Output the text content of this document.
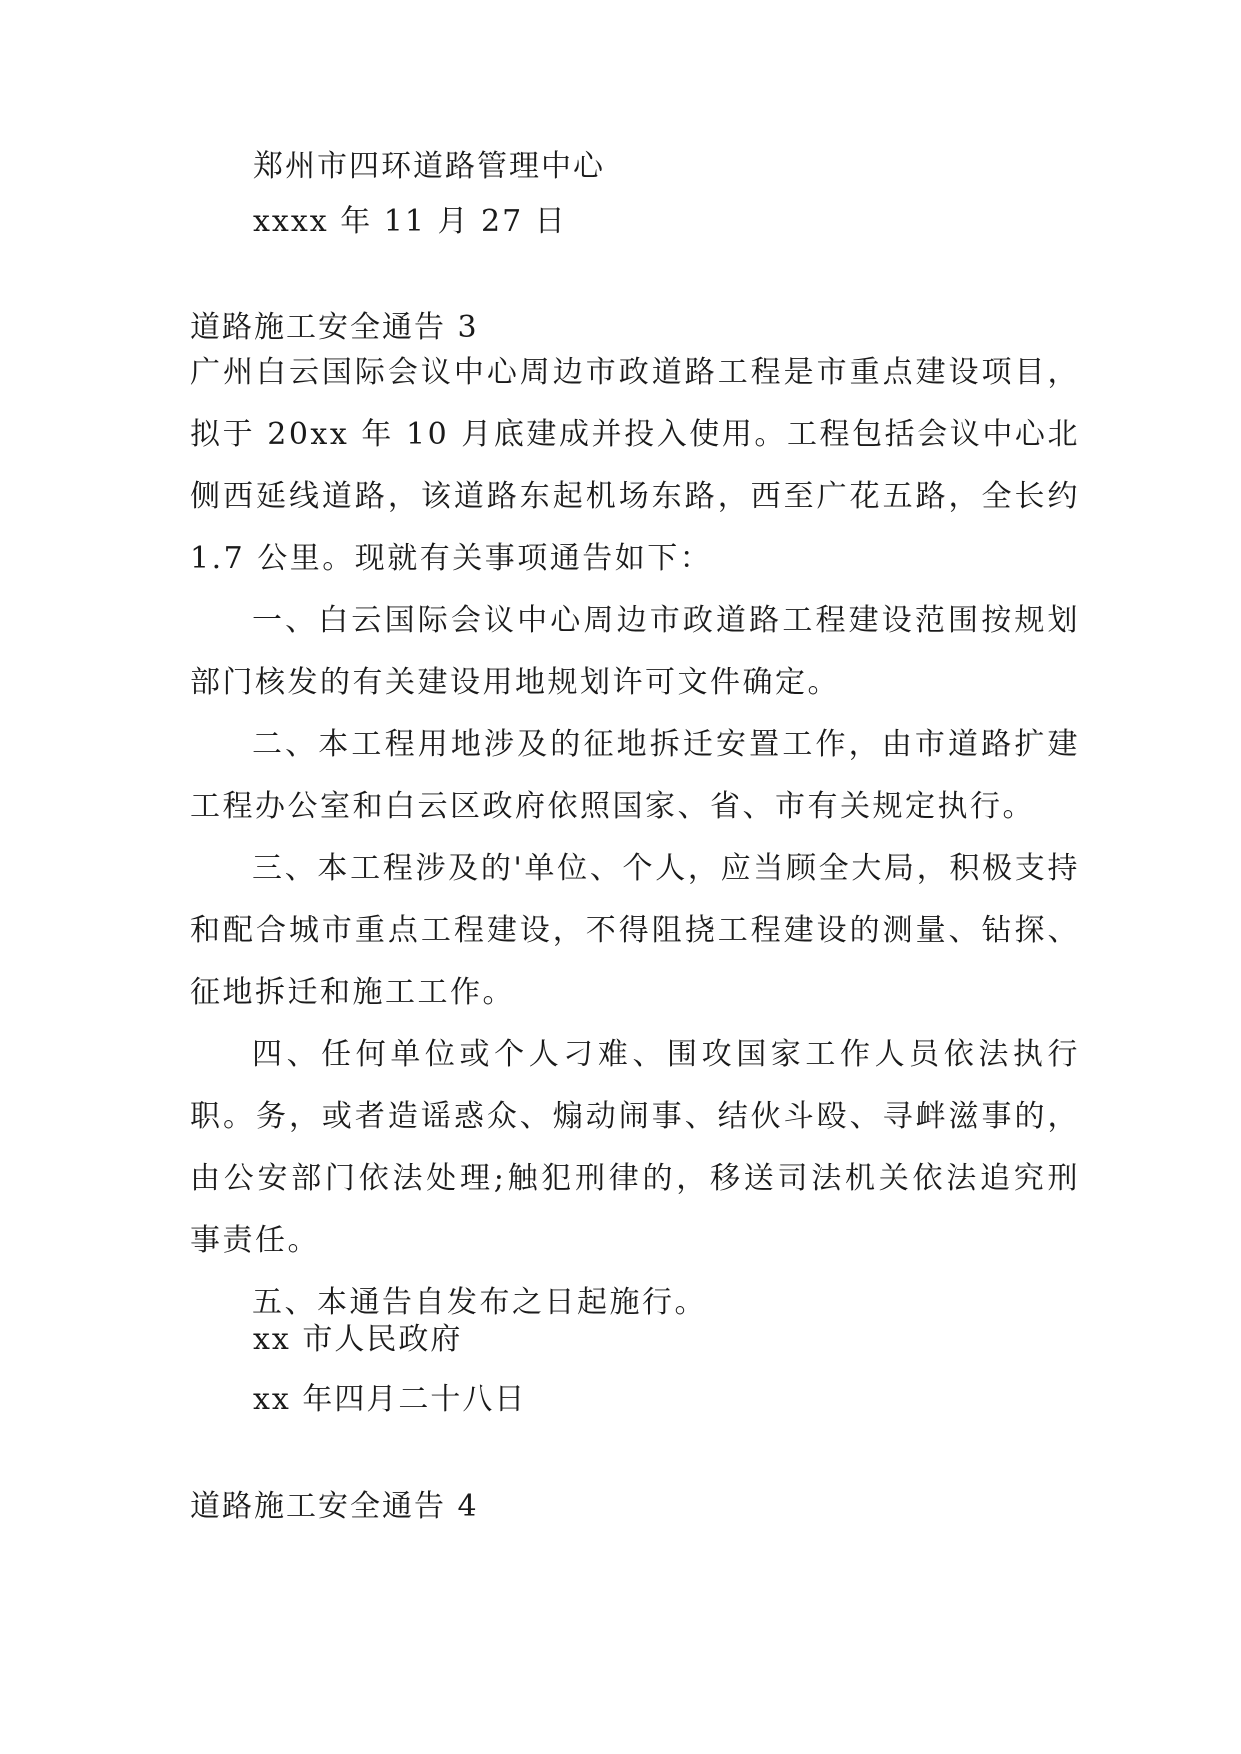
郑州市四环道路管理中心
xxxx 年 11 月 27 日
道路施工安全通告 3

广州白云国际会议中心周边市政道路工程是市重点建设项目，拟于 20xx 年 10 月底建成并投入使用。工程包括会议中心北侧西延线道路，该道路东起机场东路，西至广花五路，全长约 1.7 公里。现就有关事项通告如下：

一、白云国际会议中心周边市政道路工程建设范围按规划部门核发的有关建设用地规划许可文件确定。

二、本工程用地涉及的征地拆迁安置工作，由市道路扩建工程办公室和白云区政府依照国家、省、市有关规定执行。

三、本工程涉及的'单位、个人，应当顾全大局，积极支持和配合城市重点工程建设，不得阻挠工程建设的测量、钻探、征地拆迁和施工工作。

四、任何单位或个人刁难、围攻国家工作人员依法执行职。务，或者造谣惑众、煽动闹事、结伙斗殴、寻衅滋事的，由公安部门依法处理;触犯刑律的，移送司法机关依法追究刑事责任。

五、本通告自发布之日起施行。

xx 市人民政府
xx 年四月二十八日
道路施工安全通告 4
